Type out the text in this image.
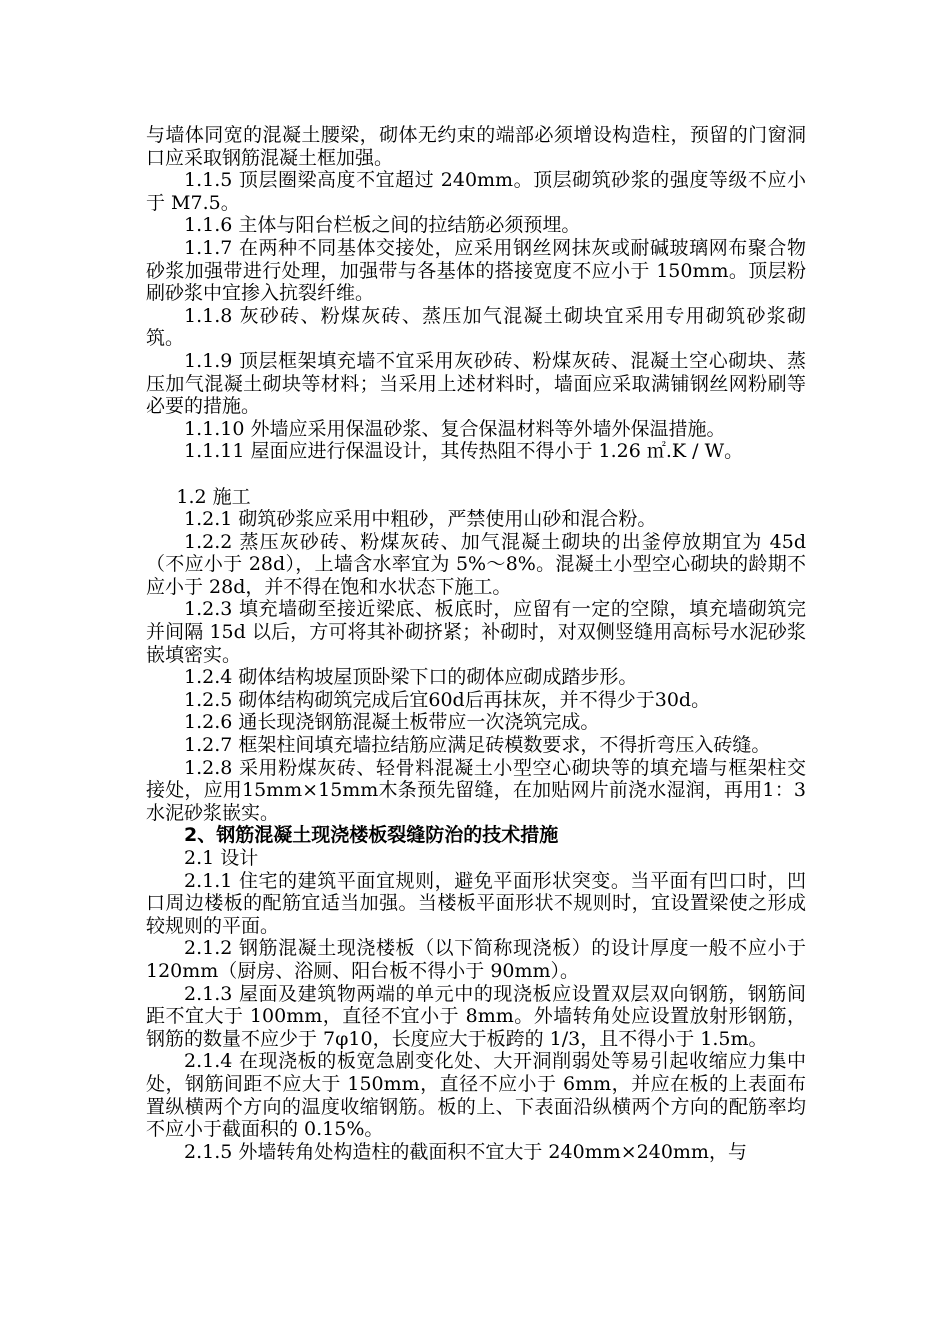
与墙体同宽的混凝土腰梁，砌体无约束的端部必须增设构造柱，预留的门窗洞口应采取钢筋混凝土框加强。

1.1.5 顶层圈梁高度不宜超过 240mm。顶层砌筑砂浆的强度等级不应小于 M7.5。

1.1.6 主体与阳台栏板之间的拉结筋必须预埋。

1.1.7 在两种不同基体交接处，应采用钢丝网抹灰或耐碱玻璃网布聚合物砂浆加强带进行处理，加强带与各基体的搭接宽度不应小于 150mm。顶层粉刷砂浆中宜掺入抗裂纤维。

1.1.8 灰砂砖、粉煤灰砖、蒸压加气混凝土砌块宜采用专用砌筑砂浆砌筑。

1.1.9 顶层框架填充墙不宜采用灰砂砖、粉煤灰砖、混凝土空心砌块、蒸压加气混凝土砌块等材料；当采用上述材料时，墙面应采取满铺钢丝网粉刷等必要的措施。

1.1.10 外墙应采用保温砂浆、复合保温材料等外墙外保温措施。

1.1.11 屋面应进行保温设计，其传热阻不得小于 1.26 ㎡.K / W。

1.2 施工

1.2.1 砌筑砂浆应采用中粗砂，严禁使用山砂和混合粉。

1.2.2 蒸压灰砂砖、粉煤灰砖、加气混凝土砌块的出釜停放期宜为 45d（不应小于 28d），上墙含水率宜为 5%～8%。混凝土小型空心砌块的龄期不应小于 28d，并不得在饱和水状态下施工。

1.2.3 填充墙砌至接近梁底、板底时，应留有一定的空隙，填充墙砌筑完并间隔 15d 以后，方可将其补砌挤紧；补砌时，对双侧竖缝用高标号水泥砂浆嵌填密实。

1.2.4 砌体结构坡屋顶卧梁下口的砌体应砌成踏步形。

1.2.5 砌体结构砌筑完成后宜60d后再抹灰，并不得少于30d。

1.2.6 通长现浇钢筋混凝土板带应一次浇筑完成。

1.2.7 框架柱间填充墙拉结筋应满足砖模数要求，不得折弯压入砖缝。

1.2.8 采用粉煤灰砖、轻骨料混凝土小型空心砌块等的填充墙与框架柱交接处，应用15mm×15mm木条预先留缝，在加贴网片前浇水湿润，再用1：3水泥砂浆嵌实。

2、钢筋混凝土现浇楼板裂缝防治的技术措施

2.1 设计

2.1.1 住宅的建筑平面宜规则，避免平面形状突变。当平面有凹口时，凹口周边楼板的配筋宜适当加强。当楼板平面形状不规则时，宜设置梁使之形成较规则的平面。

2.1.2 钢筋混凝土现浇楼板（以下简称现浇板）的设计厚度一般不应小于 120mm（厨房、浴厕、阳台板不得小于 90mm）。

2.1.3 屋面及建筑物两端的单元中的现浇板应设置双层双向钢筋，钢筋间距不宜大于 100mm，直径不宜小于 8mm。外墙转角处应设置放射形钢筋，钢筋的数量不应少于 7φ10，长度应大于板跨的 1/3，且不得小于 1.5m。

2.1.4 在现浇板的板宽急剧变化处、大开洞削弱处等易引起收缩应力集中处，钢筋间距不应大于 150mm，直径不应小于 6mm，并应在板的上表面布置纵横两个方向的温度收缩钢筋。板的上、下表面沿纵横两个方向的配筋率均不应小于截面积的 0.15%。

2.1.5 外墙转角处构造柱的截面积不宜大于 240mm×240mm，与
